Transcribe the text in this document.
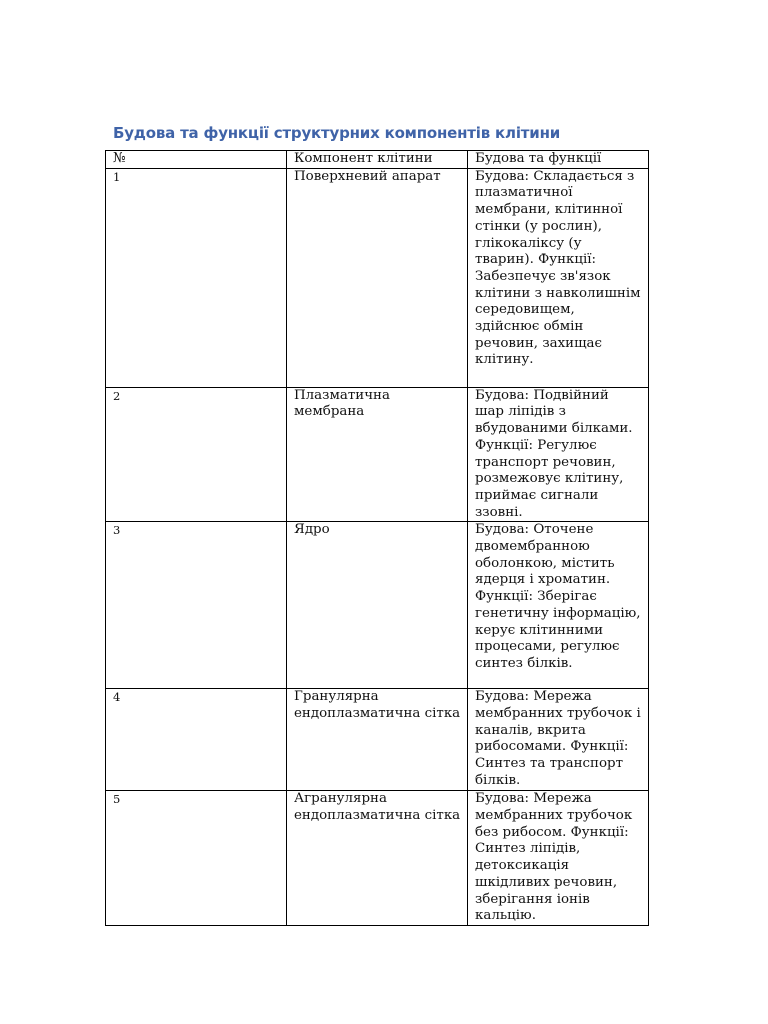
Будова та функції структурних компонентів клітини
№	Компонент клітини	Будова та функції
1	Поверхневий апарат	Будова: Складається з плазматичної мембрани, клітинної стінки (у рослин), глікокаліксу (у тварин). Функції: Забезпечує зв'язок клітини з навколишнім середовищем, здійснює обмін речовин, захищає клітину.
2	Плазматична мембрана	Будова: Подвійний шар ліпідів з вбудованими білками. Функції: Регулює транспорт речовин, розмежовує клітину, приймає сигнали ззовні.
3	Ядро	Будова: Оточене двомембранною оболонкою, містить ядерця і хроматин. Функції: Зберігає генетичну інформацію, керує клітинними процесами, регулює синтез білків.
4	Гранулярна ендоплазматична сітка	Будова: Мережа мембранних трубочок і каналів, вкрита рибосомами. Функції: Синтез та транспорт білків.
5	Агранулярна ендоплазматична сітка	Будова: Мережа мембранних трубочок без рибосом. Функції: Синтез ліпідів, детоксикація шкідливих речовин, зберігання іонів кальцію.
